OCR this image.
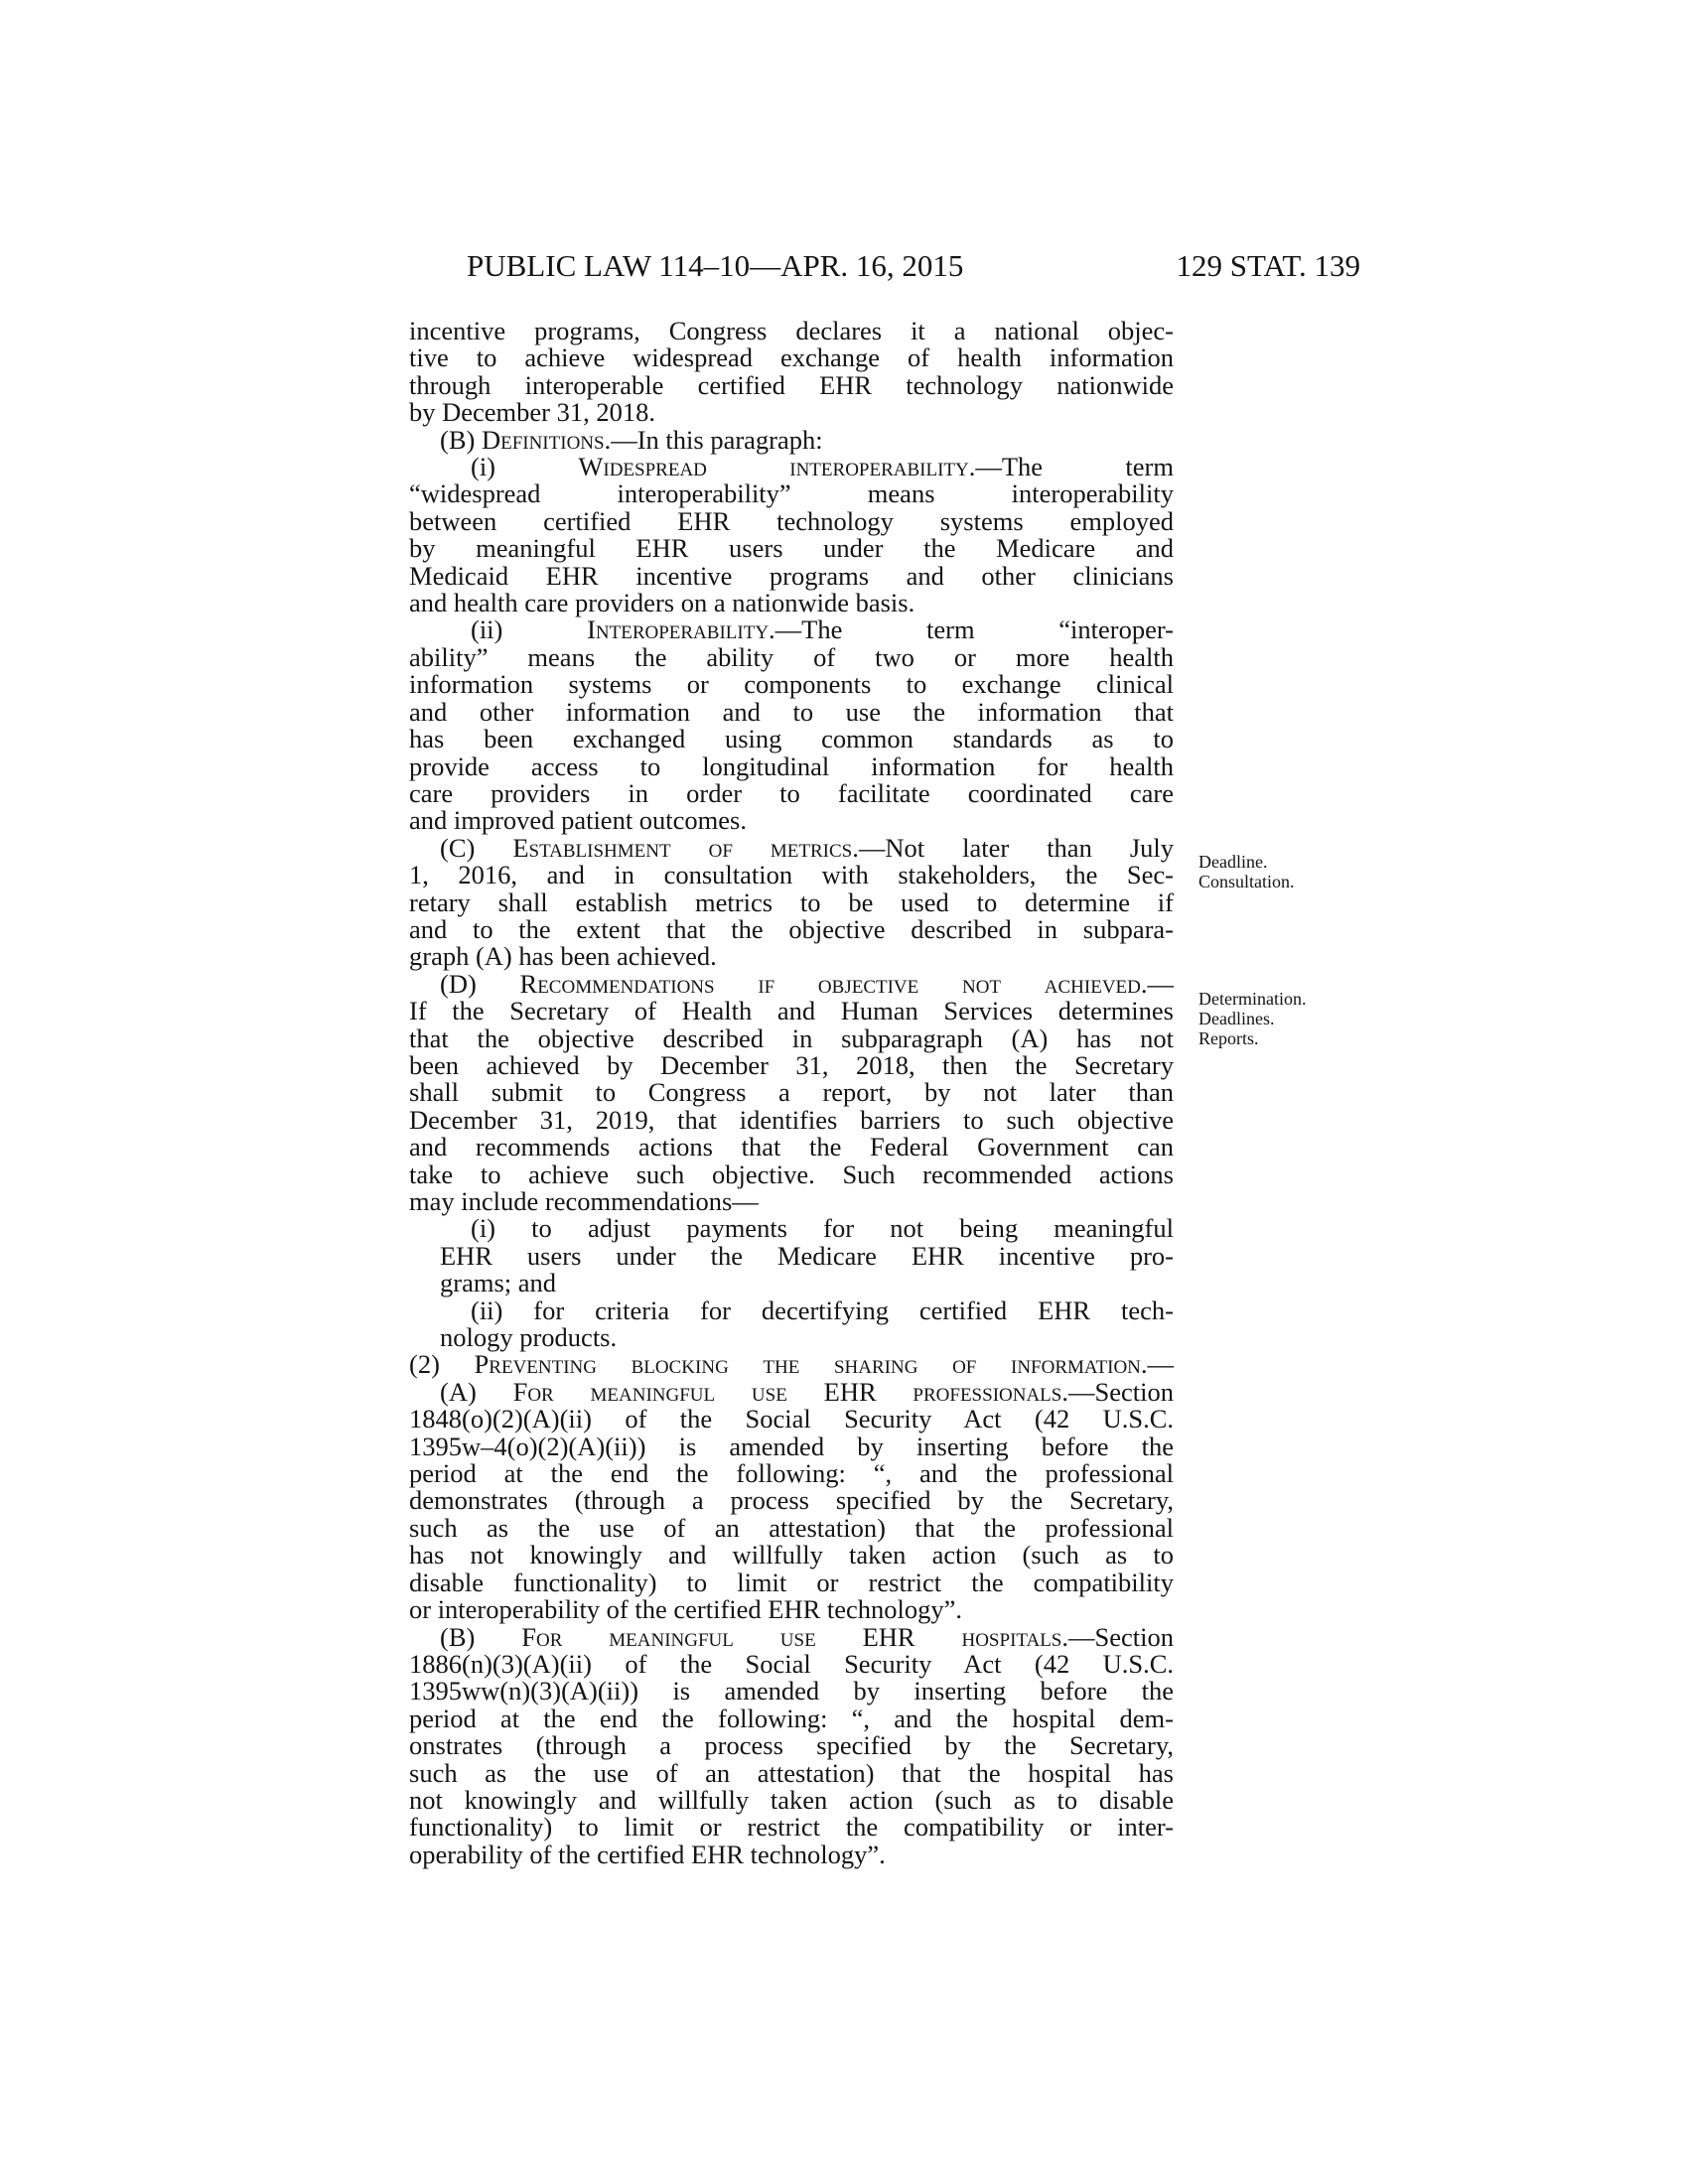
PUBLIC LAW 114–10—APR. 16, 2015	129 STAT. 139
Deadline.
Consultation.
Determination.
Deadlines.
Reports.

incentive programs, Congress declares it a national objec-

tive to achieve widespread exchange of health information

through interoperable certified EHR technology nationwide

by December 31, 2018.

(B) Definitions.—In this paragraph:

(i) Widespread interoperability.—The term

“widespread interoperability” means interoperability

between certified EHR technology systems employed

by meaningful EHR users under the Medicare and

Medicaid EHR incentive programs and other clinicians

and health care providers on a nationwide basis.

(ii) Interoperability.—The term “interoper-

ability” means the ability of two or more health

information systems or components to exchange clinical

and other information and to use the information that

has been exchanged using common standards as to

provide access to longitudinal information for health

care providers in order to facilitate coordinated care

and improved patient outcomes.

(C) Establishment of metrics.—Not later than July

1, 2016, and in consultation with stakeholders, the Sec-

retary shall establish metrics to be used to determine if

and to the extent that the objective described in subpara-

graph (A) has been achieved.

(D) Recommendations if objective not achieved.—

If the Secretary of Health and Human Services determines

that the objective described in subparagraph (A) has not

been achieved by December 31, 2018, then the Secretary

shall submit to Congress a report, by not later than

December 31, 2019, that identifies barriers to such objective

and recommends actions that the Federal Government can

take to achieve such objective. Such recommended actions

may include recommendations—

(i) to adjust payments for not being meaningful

EHR users under the Medicare EHR incentive pro-

grams; and

(ii) for criteria for decertifying certified EHR tech-

nology products.

(2) Preventing blocking the sharing of information.—

(A) For meaningful use EHR professionals.—Section

1848(o)(2)(A)(ii) of the Social Security Act (42 U.S.C.

1395w–4(o)(2)(A)(ii)) is amended by inserting before the

period at the end the following: “, and the professional

demonstrates (through a process specified by the Secretary,

such as the use of an attestation) that the professional

has not knowingly and willfully taken action (such as to

disable functionality) to limit or restrict the compatibility

or interoperability of the certified EHR technology”.

(B) For meaningful use EHR hospitals.—Section

1886(n)(3)(A)(ii) of the Social Security Act (42 U.S.C.

1395ww(n)(3)(A)(ii)) is amended by inserting before the

period at the end the following: “, and the hospital dem-

onstrates (through a process specified by the Secretary,

such as the use of an attestation) that the hospital has

not knowingly and willfully taken action (such as to disable

functionality) to limit or restrict the compatibility or inter-

operability of the certified EHR technology”.
